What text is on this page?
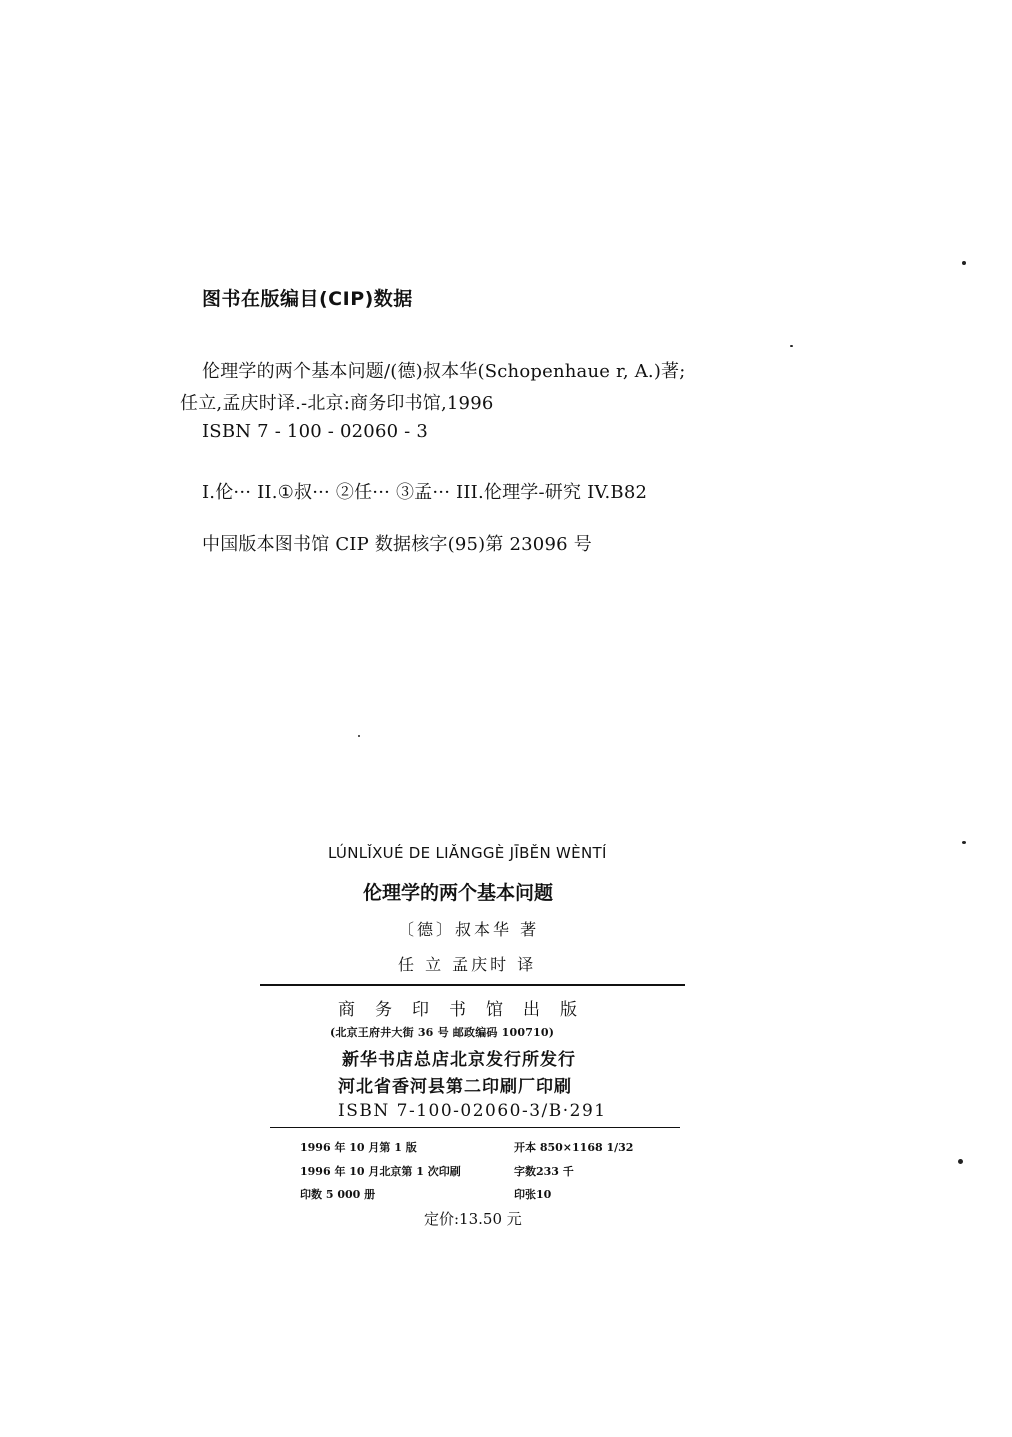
图书在版编目(CIP)数据
伦理学的两个基本问题/(德)叔本华(Schopenhaue r, A.)著;
任立,孟庆时译.-北京:商务印书馆,1996
ISBN 7 - 100 - 02060 - 3
I.伦··· II.①叔··· ②任··· ③孟··· III.伦理学-研究 IV.B82
中国版本图书馆 CIP 数据核字(95)第 23096 号
LÚNLǏXUÉ DE LIǍNGGÈ JĪBĚN WÈNTÍ
伦理学的两个基本问题
〔德〕叔本华 著
任 立 孟庆时 译
商务印书馆出版
(北京王府井大街 36 号 邮政编码 100710)
新华书店总店北京发行所发行
河北省香河县第二印刷厂印刷
ISBN 7-100-02060-3/B·291
1996 年 10 月第 1 版	开本 850×1168 1/32
1996 年 10 月北京第 1 次印刷	字数233 千
印数 5 000 册	印张10
定价:13.50 元
